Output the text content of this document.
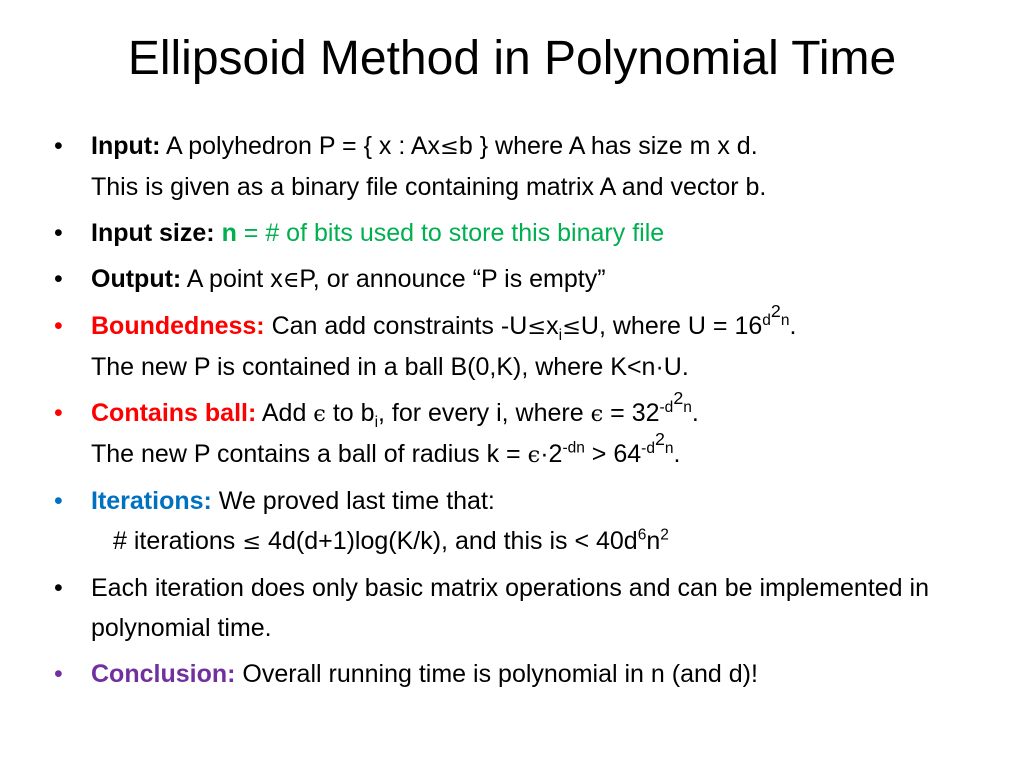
Ellipsoid Method in Polynomial Time
• Input: A polyhedron P = { x : Ax≤b } where A has size m x d.
This is given as a binary file containing matrix A and vector b.
• Input size: n = # of bits used to store this binary file
• Output: A point x∈P, or announce “P is empty”
• Boundedness: Can add constraints $-U\le x_i\le U$, where $U = 16^{d^2n}$.
The new P is contained in a ball B(0,K), where K<n·U.
• Contains ball: Add ϵ to $b_i$, for every i, where $\epsilon = 32^{-d^2n}$.
The new P contains a ball of radius $k = \epsilon\cdot 2^{-dn} > 64^{-d^2n}$.
• Iterations: We proved last time that:
# iterations ≤ 4d(d+1)log(K/k), and this is < $40d^6n^2$
• Each iteration does only basic matrix operations and can be implemented in polynomial time.
• Conclusion: Overall running time is polynomial in n (and d)!
